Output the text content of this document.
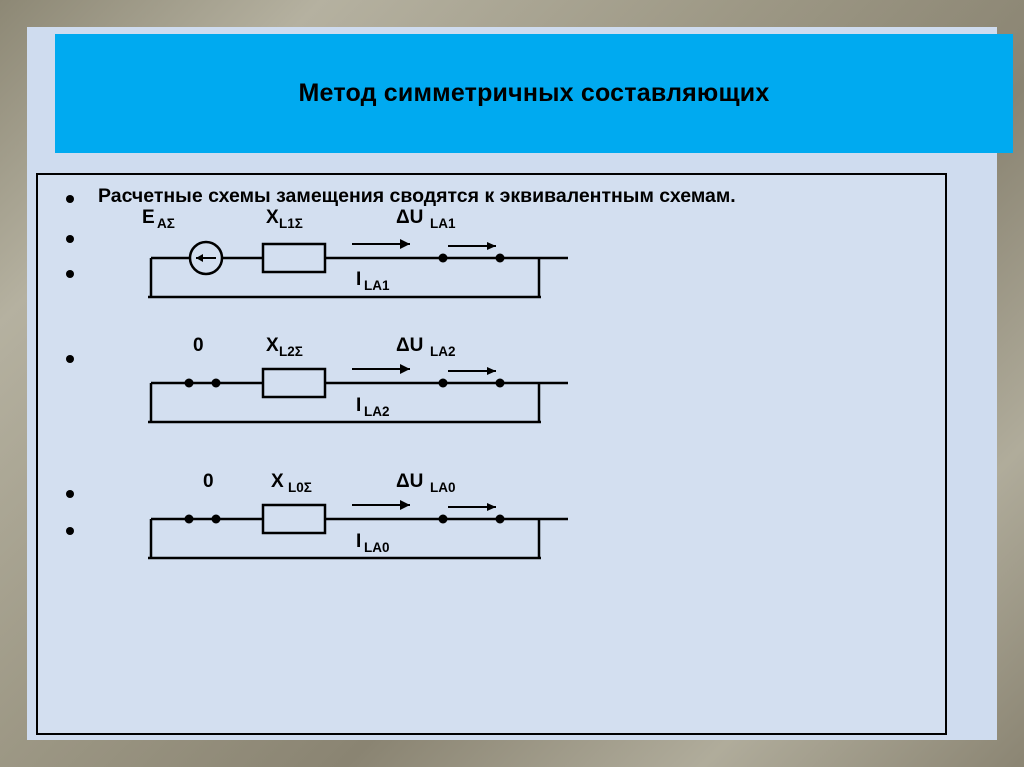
Метод симметричных составляющих
Расчетные схемы замещения сводятся к эквивалентным схемам.
E AΣ	X L1Σ
I LA1
ΔU LA1
0	X L2Σ
I LA2
ΔU LA2
0	X L0Σ
I LA0
ΔU LA0
